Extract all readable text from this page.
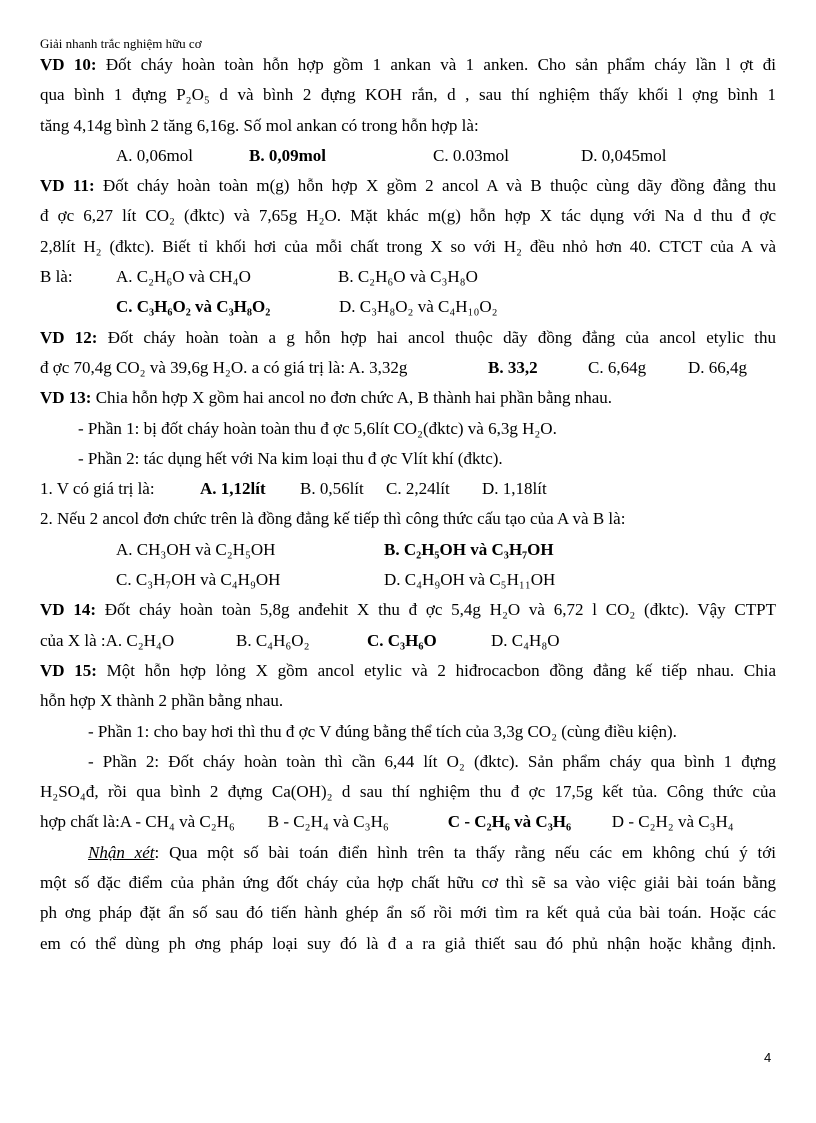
Giải nhanh trắc nghiệm hữu cơ

VD 10: Đốt cháy hoàn toàn hỗn hợp gồm 1 ankan và 1 anken. Cho sản phẩm cháy lần l ợt đi

qua bình 1 đựng P₂O₅ d và bình 2 đựng KOH rắn, d , sau thí nghiệm thấy khối l ợng bình 1

tăng 4,14g bình 2 tăng 6,16g. Số mol ankan có trong hỗn hợp là:

A. 0,06mol	B. 0,09mol	C. 0.03mol	D. 0,045mol

VD 11: Đốt cháy hoàn toàn m(g) hỗn hợp X gồm 2 ancol A và B thuộc cùng dãy đồng đẳng thu

đ ợc 6,27 lít CO₂ (đktc) và 7,65g H₂O. Mặt khác m(g) hỗn hợp X tác dụng với Na d thu đ ợc

2,8lít H₂ (đktc). Biết tỉ khối hơi của mỗi chất trong X so với H₂ đều nhỏ hơn 40. CTCT của A và

B là:	A. C₂H₆O và CH₄O	B. C₂H₆O và C₃H₈O

C. C₃H₆O₂ và C₃H₈O₂	D. C₃H₈O₂ và C₄H₁₀O₂

VD 12: Đốt cháy hoàn toàn a g hỗn hợp hai ancol thuộc dãy đồng đẳng của ancol etylic thu

đ ợc 70,4g CO₂ và 39,6g H₂O. a có giá trị là: A. 3,32g	B. 33,2	C. 6,64g D. 66,4g

VD 13: Chia hỗn hợp X gồm hai ancol no đơn chức A, B thành hai phần bằng nhau.

- Phần 1: bị đốt cháy hoàn toàn thu đ ợc 5,6lít CO₂(đktc) và 6,3g H₂O.

- Phần 2: tác dụng hết với Na kim loại thu đ ợc Vlít khí (đktc).

1. V có giá trị là:	A. 1,12lít B. 0,56lít C. 2,24lít D. 1,18lít

2. Nếu 2 ancol đơn chức trên là đồng đẳng kế tiếp thì công thức cấu tạo của A và B là:

A. CH₃OH và C₂H₅OH	B. C₂H₅OH và C₃H₇OH

C. C₃H₇OH và C₄H₉OH	D. C₄H₉OH và C₅H₁₁OH

VD 14: Đốt cháy hoàn toàn 5,8g anđehit X thu đ ợc 5,4g H₂O và 6,72 l CO₂ (đktc). Vậy CTPT

của X là :A. C₂H₄O	B. C₄H₆O₂	C. C₃H₆O	D. C₄H₈O

VD 15: Một hỗn hợp lỏng X gồm ancol etylic và 2 hiđrocacbon đồng đẳng kế tiếp nhau. Chia

hỗn hợp X thành 2 phần bằng nhau.

- Phần 1: cho bay hơi thì thu đ ợc V đúng bằng thể tích của 3,3g CO₂ (cùng điều kiện).

- Phần 2: Đốt cháy hoàn toàn thì cần 6,44 lít O₂ (đktc). Sản phẩm cháy qua bình 1 đựng

H₂SO₄đ, rồi qua bình 2 đựng Ca(OH)₂ d sau thí nghiệm thu đ ợc 17,5g kết tủa. Công thức của

hợp chất là:A - CH₄ và C₂H₆ B - C₂H₄ và C₃H₆	C - C₂H₆ và C₃H₆ D - C₂H₂ và C₃H₄

Nhận xét: Qua một số bài toán điển hình trên ta thấy rằng nếu các em không chú ý tới

một số đặc điểm của phản ứng đốt cháy của hợp chất hữu cơ thì sẽ sa vào việc giải bài toán bằng

ph ơng pháp đặt ẩn số sau đó tiến hành ghép ẩn số rồi mới tìm ra kết quả của bài toán. Hoặc các

em có thể dùng ph ơng pháp loại suy đó là đ a ra giả thiết sau đó phủ nhận hoặc khẳng định.

4
